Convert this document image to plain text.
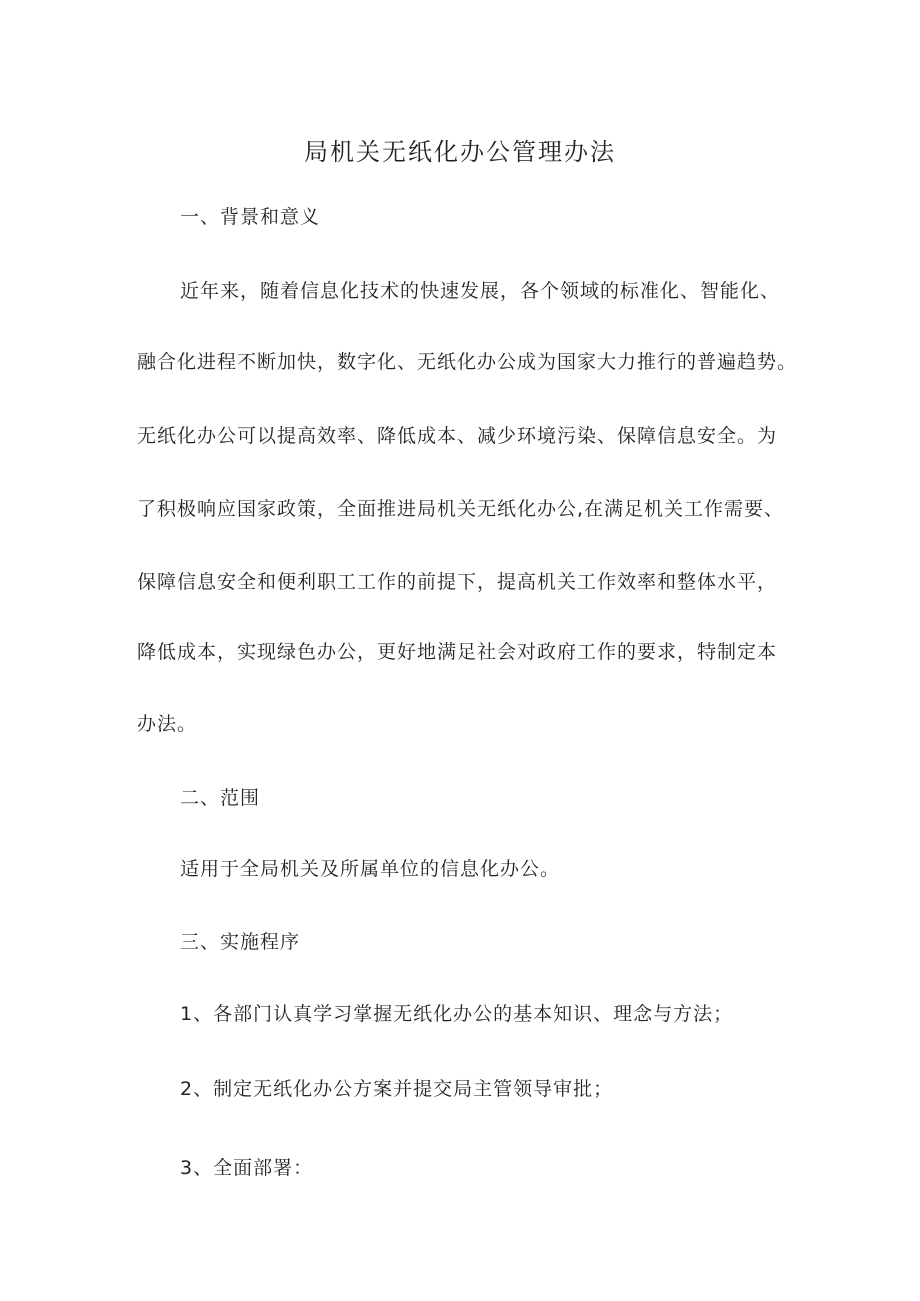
局机关无纸化办公管理办法

一、背景和意义

近年来，随着信息化技术的快速发展，各个领域的标准化、智能化、

融合化进程不断加快，数字化、无纸化办公成为国家大力推行的普遍趋势。

无纸化办公可以提高效率、降低成本、减少环境污染、保障信息安全。为

了积极响应国家政策，全面推进局机关无纸化办公,在满足机关工作需要、

保障信息安全和便利职工工作的前提下，提高机关工作效率和整体水平，

降低成本，实现绿色办公，更好地满足社会对政府工作的要求，特制定本

办法。

二、范围

适用于全局机关及所属单位的信息化办公。

三、实施程序

1、各部门认真学习掌握无纸化办公的基本知识、理念与方法；

2、制定无纸化办公方案并提交局主管领导审批；

3、全面部署：
